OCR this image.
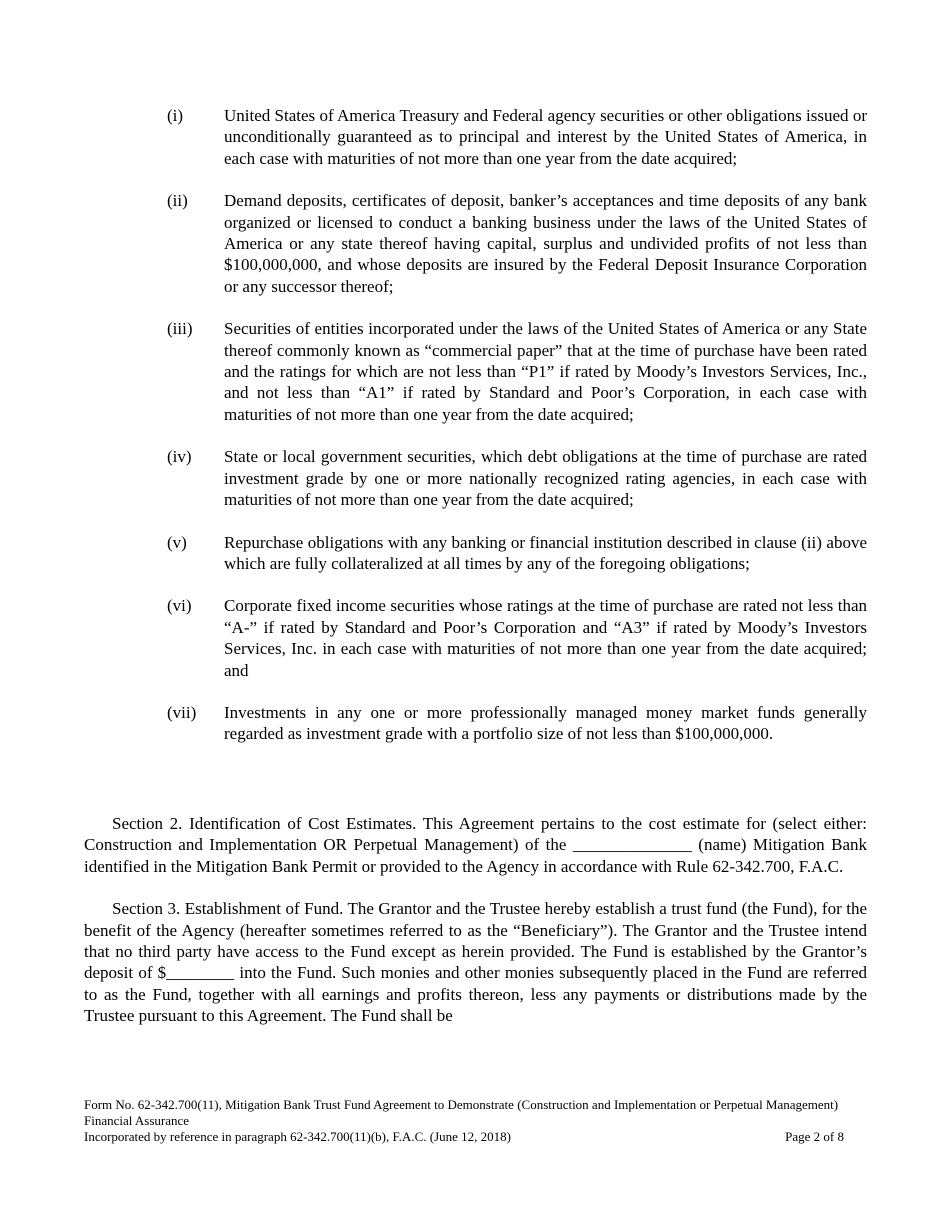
(i)	United States of America Treasury and Federal agency securities or other obligations issued or unconditionally guaranteed as to principal and interest by the United States of America, in each case with maturities of not more than one year from the date acquired;
(ii)	Demand deposits, certificates of deposit, banker’s acceptances and time deposits of any bank organized or licensed to conduct a banking business under the laws of the United States of America or any state thereof having capital, surplus and undivided profits of not less than $100,000,000, and whose deposits are insured by the Federal Deposit Insurance Corporation or any successor thereof;
(iii)	Securities of entities incorporated under the laws of the United States of America or any State thereof commonly known as “commercial paper” that at the time of purchase have been rated and the ratings for which are not less than “P1” if rated by Moody’s Investors Services, Inc., and not less than “A1” if rated by Standard and Poor’s Corporation, in each case with maturities of not more than one year from the date acquired;
(iv)	State or local government securities, which debt obligations at the time of purchase are rated investment grade by one or more nationally recognized rating agencies, in each case with maturities of not more than one year from the date acquired;
(v)	Repurchase obligations with any banking or financial institution described in clause (ii) above which are fully collateralized at all times by any of the foregoing obligations;
(vi)	Corporate fixed income securities whose ratings at the time of purchase are rated not less than “A-” if rated by Standard and Poor’s Corporation and “A3” if rated by Moody’s Investors Services, Inc. in each case with maturities of not more than one year from the date acquired; and
(vii)	Investments in any one or more professionally managed money market funds generally regarded as investment grade with a portfolio size of not less than $100,000,000.

Section 2. Identification of Cost Estimates. This Agreement pertains to the cost estimate for (select either: Construction and Implementation OR Perpetual Management) of the ______________ (name) Mitigation Bank identified in the Mitigation Bank Permit or provided to the Agency in accordance with Rule 62-342.700, F.A.C.

Section 3. Establishment of Fund. The Grantor and the Trustee hereby establish a trust fund (the Fund), for the benefit of the Agency (hereafter sometimes referred to as the “Beneficiary”). The Grantor and the Trustee intend that no third party have access to the Fund except as herein provided. The Fund is established by the Grantor’s deposit of $________ into the Fund. Such monies and other monies subsequently placed in the Fund are referred to as the Fund, together with all earnings and profits thereon, less any payments or distributions made by the Trustee pursuant to this Agreement. The Fund shall be

Form No. 62-342.700(11), Mitigation Bank Trust Fund Agreement to Demonstrate (Construction and Implementation or Perpetual Management) Financial Assurance
Incorporated by reference in paragraph 62-342.700(11)(b), F.A.C. (June 12, 2018)	Page 2 of 8
